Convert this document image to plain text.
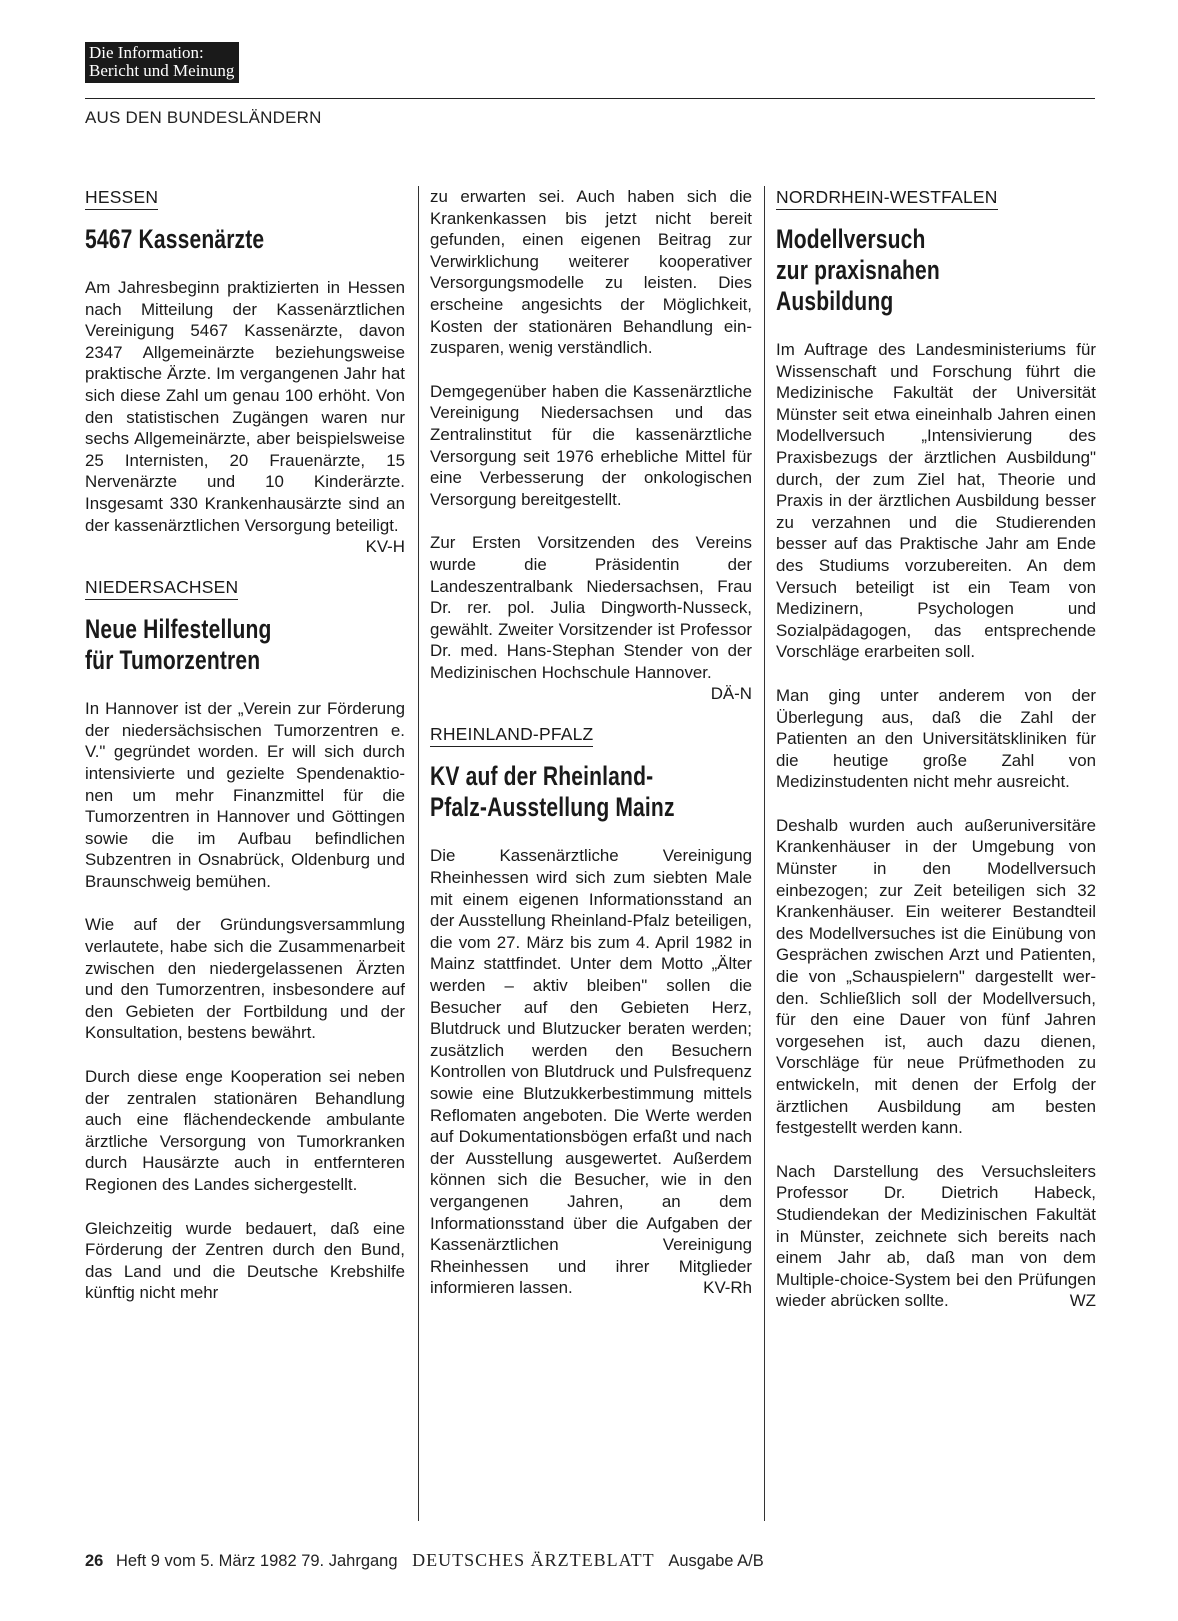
Die Information:
Bericht und Meinung
AUS DEN BUNDESLÄNDERN
HESSEN
5467 Kassenärzte

Am Jahresbeginn praktizierten in Hessen nach Mitteilung der Kassenärztlichen Vereinigung 5467 Kassenärzte, davon 2347 Allgemeinärzte beziehungsweise praktische Ärzte. Im vergangenen Jahr hat sich diese Zahl um genau 100 erhöht. Von den statistischen Zugängen waren nur sechs Allgemeinärzte, aber beispielsweise 25 Internisten, 20 Frauenärzte, 15 Nervenärzte und 10 Kinderärzte. Insgesamt 330 Krankenhausärzte sind an der kassenärztlichen Versorgung beteiligt.
KV-H

NIEDERSACHSEN
Neue Hilfestellung
für Tumorzentren

In Hannover ist der „Verein zur Förderung der niedersächsischen Tumorzentren e. V." gegründet worden. Er will sich durch intensivierte und gezielte Spendenaktionen um mehr Finanzmittel für die Tumorzentren in Hannover und Göttingen sowie die im Aufbau befindlichen Subzentren in Osnabrück, Oldenburg und Braunschweig bemühen.

Wie auf der Gründungsversammlung verlautete, habe sich die Zusammenarbeit zwischen den niedergelassenen Ärzten und den Tumorzentren, insbesondere auf den Gebieten der Fortbildung und der Konsultation, bestens bewährt.

Durch diese enge Kooperation sei neben der zentralen stationären Behandlung auch eine flächendeckende ambulante ärztliche Versorgung von Tumorkranken durch Hausärzte auch in entfernteren Regionen des Landes sichergestellt.

Gleichzeitig wurde bedauert, daß eine Förderung der Zentren durch den Bund, das Land und die Deutsche Krebshilfe künftig nicht mehr

zu erwarten sei. Auch haben sich die Krankenkassen bis jetzt nicht bereit gefunden, einen eigenen Beitrag zur Verwirklichung weiterer kooperativer Versorgungsmodelle zu leisten. Dies erscheine angesichts der Möglichkeit, Kosten der stationären Behandlung einzusparen, wenig verständlich.

Demgegenüber haben die Kassenärztliche Vereinigung Niedersachsen und das Zentralinstitut für die kassenärztliche Versorgung seit 1976 erhebliche Mittel für eine Verbesserung der onkologischen Versorgung bereitgestellt.

Zur Ersten Vorsitzenden des Vereins wurde die Präsidentin der Landeszentralbank Niedersachsen, Frau Dr. rer. pol. Julia Dingworth-Nusseck, gewählt. Zweiter Vorsitzender ist Professor Dr. med. Hans-Stephan Stender von der Medizinischen Hochschule Hannover.
DÄ-N

RHEINLAND-PFALZ
KV auf der Rheinland-
Pfalz-Ausstellung Mainz

Die Kassenärztliche Vereinigung Rheinhessen wird sich zum siebten Male mit einem eigenen Informationsstand an der Ausstellung Rheinland-Pfalz beteiligen, die vom 27. März bis zum 4. April 1982 in Mainz stattfindet. Unter dem Motto „Älter werden – aktiv bleiben" sollen die Besucher auf den Gebieten Herz, Blutdruck und Blutzucker beraten werden; zusätzlich werden den Besuchern Kontrollen von Blutdruck und Pulsfrequenz sowie eine Blutzukkerbestimmung mittels Reflomaten angeboten. Die Werte werden auf Dokumentationsbögen erfaßt und nach der Ausstellung ausgewertet. Außerdem können sich die Besucher, wie in den vergangenen Jahren, an dem Informationsstand über die Aufgaben der Kassenärztlichen Vereinigung Rheinhessen und ihrer Mitglieder informieren lassen.	KV-Rh

NORDRHEIN-WESTFALEN
Modellversuch
zur praxisnahen
Ausbildung

Im Auftrage des Landesministeriums für Wissenschaft und Forschung führt die Medizinische Fakultät der Universität Münster seit etwa eineinhalb Jahren einen Modellversuch „Intensivierung des Praxisbezugs der ärztlichen Ausbildung" durch, der zum Ziel hat, Theorie und Praxis in der ärztlichen Ausbildung besser zu verzahnen und die Studierenden besser auf das Praktische Jahr am Ende des Studiums vorzubereiten. An dem Versuch beteiligt ist ein Team von Medizinern, Psychologen und Sozialpädagogen, das entsprechende Vorschläge erarbeiten soll.

Man ging unter anderem von der Überlegung aus, daß die Zahl der Patienten an den Universitätskliniken für die heutige große Zahl von Medizinstudenten nicht mehr ausreicht.

Deshalb wurden auch außeruniversitäre Krankenhäuser in der Umgebung von Münster in den Modellversuch einbezogen; zur Zeit beteiligen sich 32 Krankenhäuser. Ein weiterer Bestandteil des Modellversuches ist die Einübung von Gesprächen zwischen Arzt und Patienten, die von „Schauspielern" dargestellt werden. Schließlich soll der Modellversuch, für den eine Dauer von fünf Jahren vorgesehen ist, auch dazu dienen, Vorschläge für neue Prüfmethoden zu entwickeln, mit denen der Erfolg der ärztlichen Ausbildung am besten festgestellt werden kann.

Nach Darstellung des Versuchsleiters Professor Dr. Dietrich Habeck, Studiendekan der Medizinischen Fakultät in Münster, zeichnete sich bereits nach einem Jahr ab, daß man von dem Multiple-choice-System bei den Prüfungen wieder abrücken sollte.	WZ

26 Heft 9 vom 5. März 1982 79. Jahrgang DEUTSCHES ÄRZTEBLATT Ausgabe A/B
